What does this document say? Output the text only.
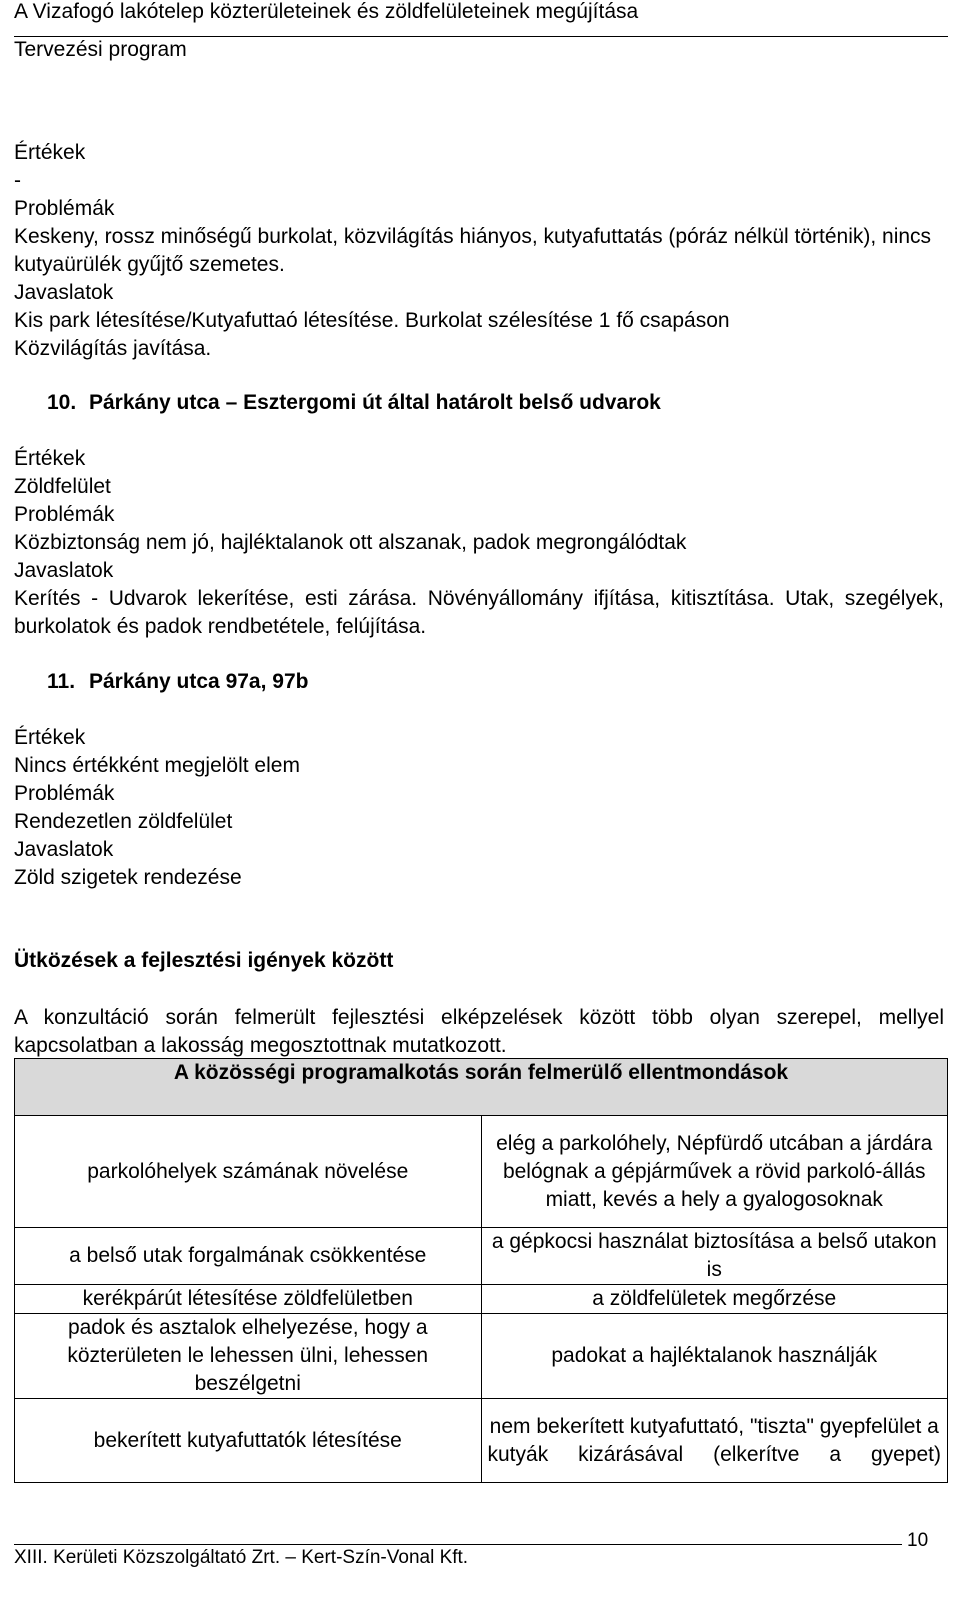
A Vizafogó lakótelep közterületeinek és zöldfelületeinek megújítása
Tervezési program

Értékek

-

Problémák

Keskeny, rossz minőségű burkolat, közvilágítás hiányos, kutyafuttatás (póráz nélkül történik), nincs kutyaürülék gyűjtő szemetes.

Javaslatok

Kis park létesítése/Kutyafuttaó létesítése. Burkolat szélesítése 1 fő csapáson

Közvilágítás javítása.

10. Párkány utca – Esztergomi út által határolt belső udvarok

Értékek

Zöldfelület

Problémák

Közbiztonság nem jó, hajléktalanok ott alszanak, padok megrongálódtak

Javaslatok

Kerítés - Udvarok lekerítése, esti zárása. Növényállomány ifjítása, kitisztítása. Utak, szegélyek, burkolatok és padok rendbetétele, felújítása.

11. Párkány utca 97a, 97b

Értékek

Nincs értékként megjelölt elem

Problémák

Rendezetlen zöldfelület

Javaslatok

Zöld szigetek rendezése

Ütközések a fejlesztési igények között
A konzultáció során felmerült fejlesztési elképzelések között több olyan szerepel, mellyel kapcsolatban a lakosság megosztottnak mutatkozott.
A közösségi programalkotás során felmerülő ellentmondások	
parkolóhelyek számának növelése	elég a parkolóhely, Népfürdő utcában a járdára belógnak a gépjárművek a rövid parkoló-állás miatt, kevés a hely a gyalogosoknak
a belső utak forgalmának csökkentése	a gépkocsi használat biztosítása a belső utakon is
kerékpárút létesítése zöldfelületben	a zöldfelületek megőrzése
padok és asztalok elhelyezése, hogy a közterületen le lehessen ülni, lehessen beszélgetni	padokat a hajléktalanok használják
bekerített kutyafuttatók létesítése	nem bekerített kutyafuttató, "tiszta" gyepfelület a kutyák kizárásával (elkerítve a gyepet)
XIII. Kerületi Közszolgáltató Zrt. – Kert-Szín-Vonal Kft.
10
